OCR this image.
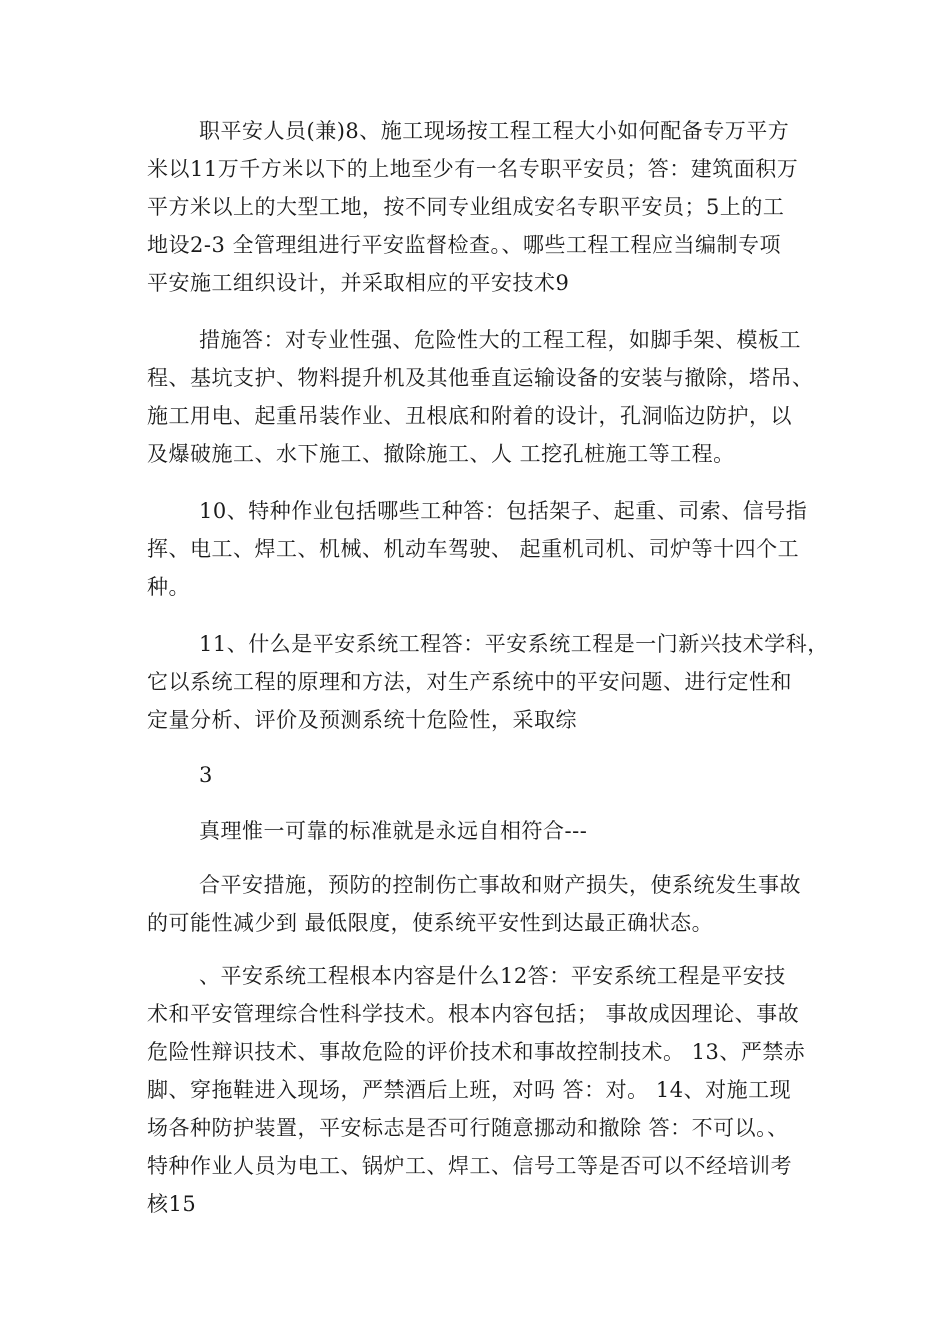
职平安人员(兼)8、施工现场按工程工程大小如何配备专万平方
米以11万千方米以下的上地至少有一名专职平安员；答：建筑面积万
平方米以上的大型工地，按不同专业组成安名专职平安员；5上的工
地设2-3 全管理组进行平安监督检查。、哪些工程工程应当编制专项
平安施工组织设计，并采取相应的平安技术9
措施答：对专业性强、危险性大的工程工程，如脚手架、模板工
程、基坑支护、物料提升机及其他垂直运输设备的安装与撤除，塔吊、
施工用电、起重吊装作业、丑根底和附着的设计，孔洞临边防护，以
及爆破施工、水下施工、撤除施工、人 工挖孔桩施工等工程。
10、特种作业包括哪些工种答：包括架子、起重、司索、信号指
挥、电工、焊工、机械、机动车驾驶、 起重机司机、司炉等十四个工
种。
11、什么是平安系统工程答：平安系统工程是一门新兴技术学科，
它以系统工程的原理和方法，对生产系统中的平安问题、进行定性和
定量分析、评价及预测系统十危险性，采取综
3
真理惟一可靠的标准就是永远自相符合---
合平安措施，预防的控制伤亡事故和财产损失，使系统发生事故
的可能性减少到 最低限度，使系统平安性到达最正确状态。
、平安系统工程根本内容是什么12答：平安系统工程是平安技
术和平安管理综合性科学技术。根本内容包括； 事故成因理论、事故
危险性辩识技术、事故危险的评价技术和事故控制技术。 13、严禁赤
脚、穿拖鞋进入现场，严禁酒后上班，对吗 答：对。 14、对施工现
场各种防护装置，平安标志是否可行随意挪动和撤除 答：不可以。、
特种作业人员为电工、锅炉工、焊工、信号工等是否可以不经培训考
核15
